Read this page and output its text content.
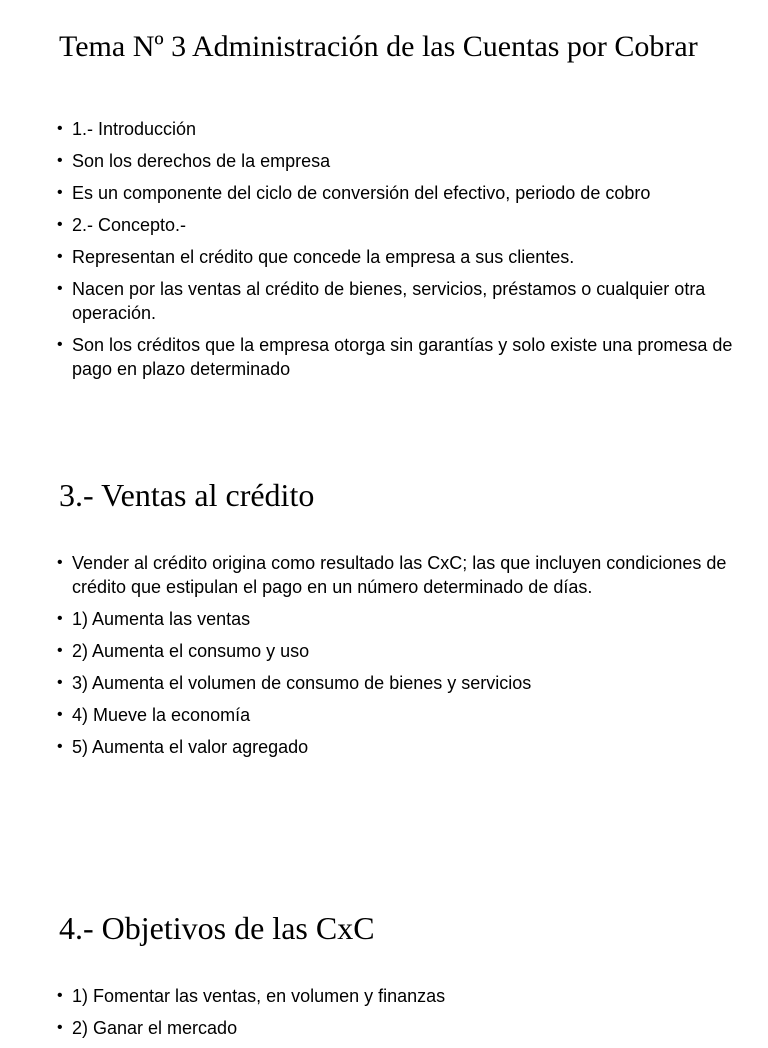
Tema Nº 3 Administración de las Cuentas por Cobrar
• 1.- Introducción
• Son los derechos de la empresa
• Es un componente del ciclo de conversión del efectivo, periodo de cobro
• 2.- Concepto.-
• Representan el crédito que concede la empresa a sus clientes.
• Nacen por las ventas al crédito de bienes, servicios, préstamos o cualquier otra operación.
• Son los créditos que la empresa otorga sin garantías y solo existe una promesa de pago en plazo determinado
3.- Ventas al crédito
• Vender al crédito origina como resultado las CxC; las que incluyen condiciones de crédito que estipulan el pago en un número determinado de días.
• 1) Aumenta las ventas
• 2) Aumenta el consumo y uso
• 3) Aumenta el volumen de consumo de bienes y servicios
• 4) Mueve la economía
• 5) Aumenta el valor agregado
4.- Objetivos de las CxC
• 1) Fomentar las ventas, en volumen y finanzas
• 2) Ganar el mercado
